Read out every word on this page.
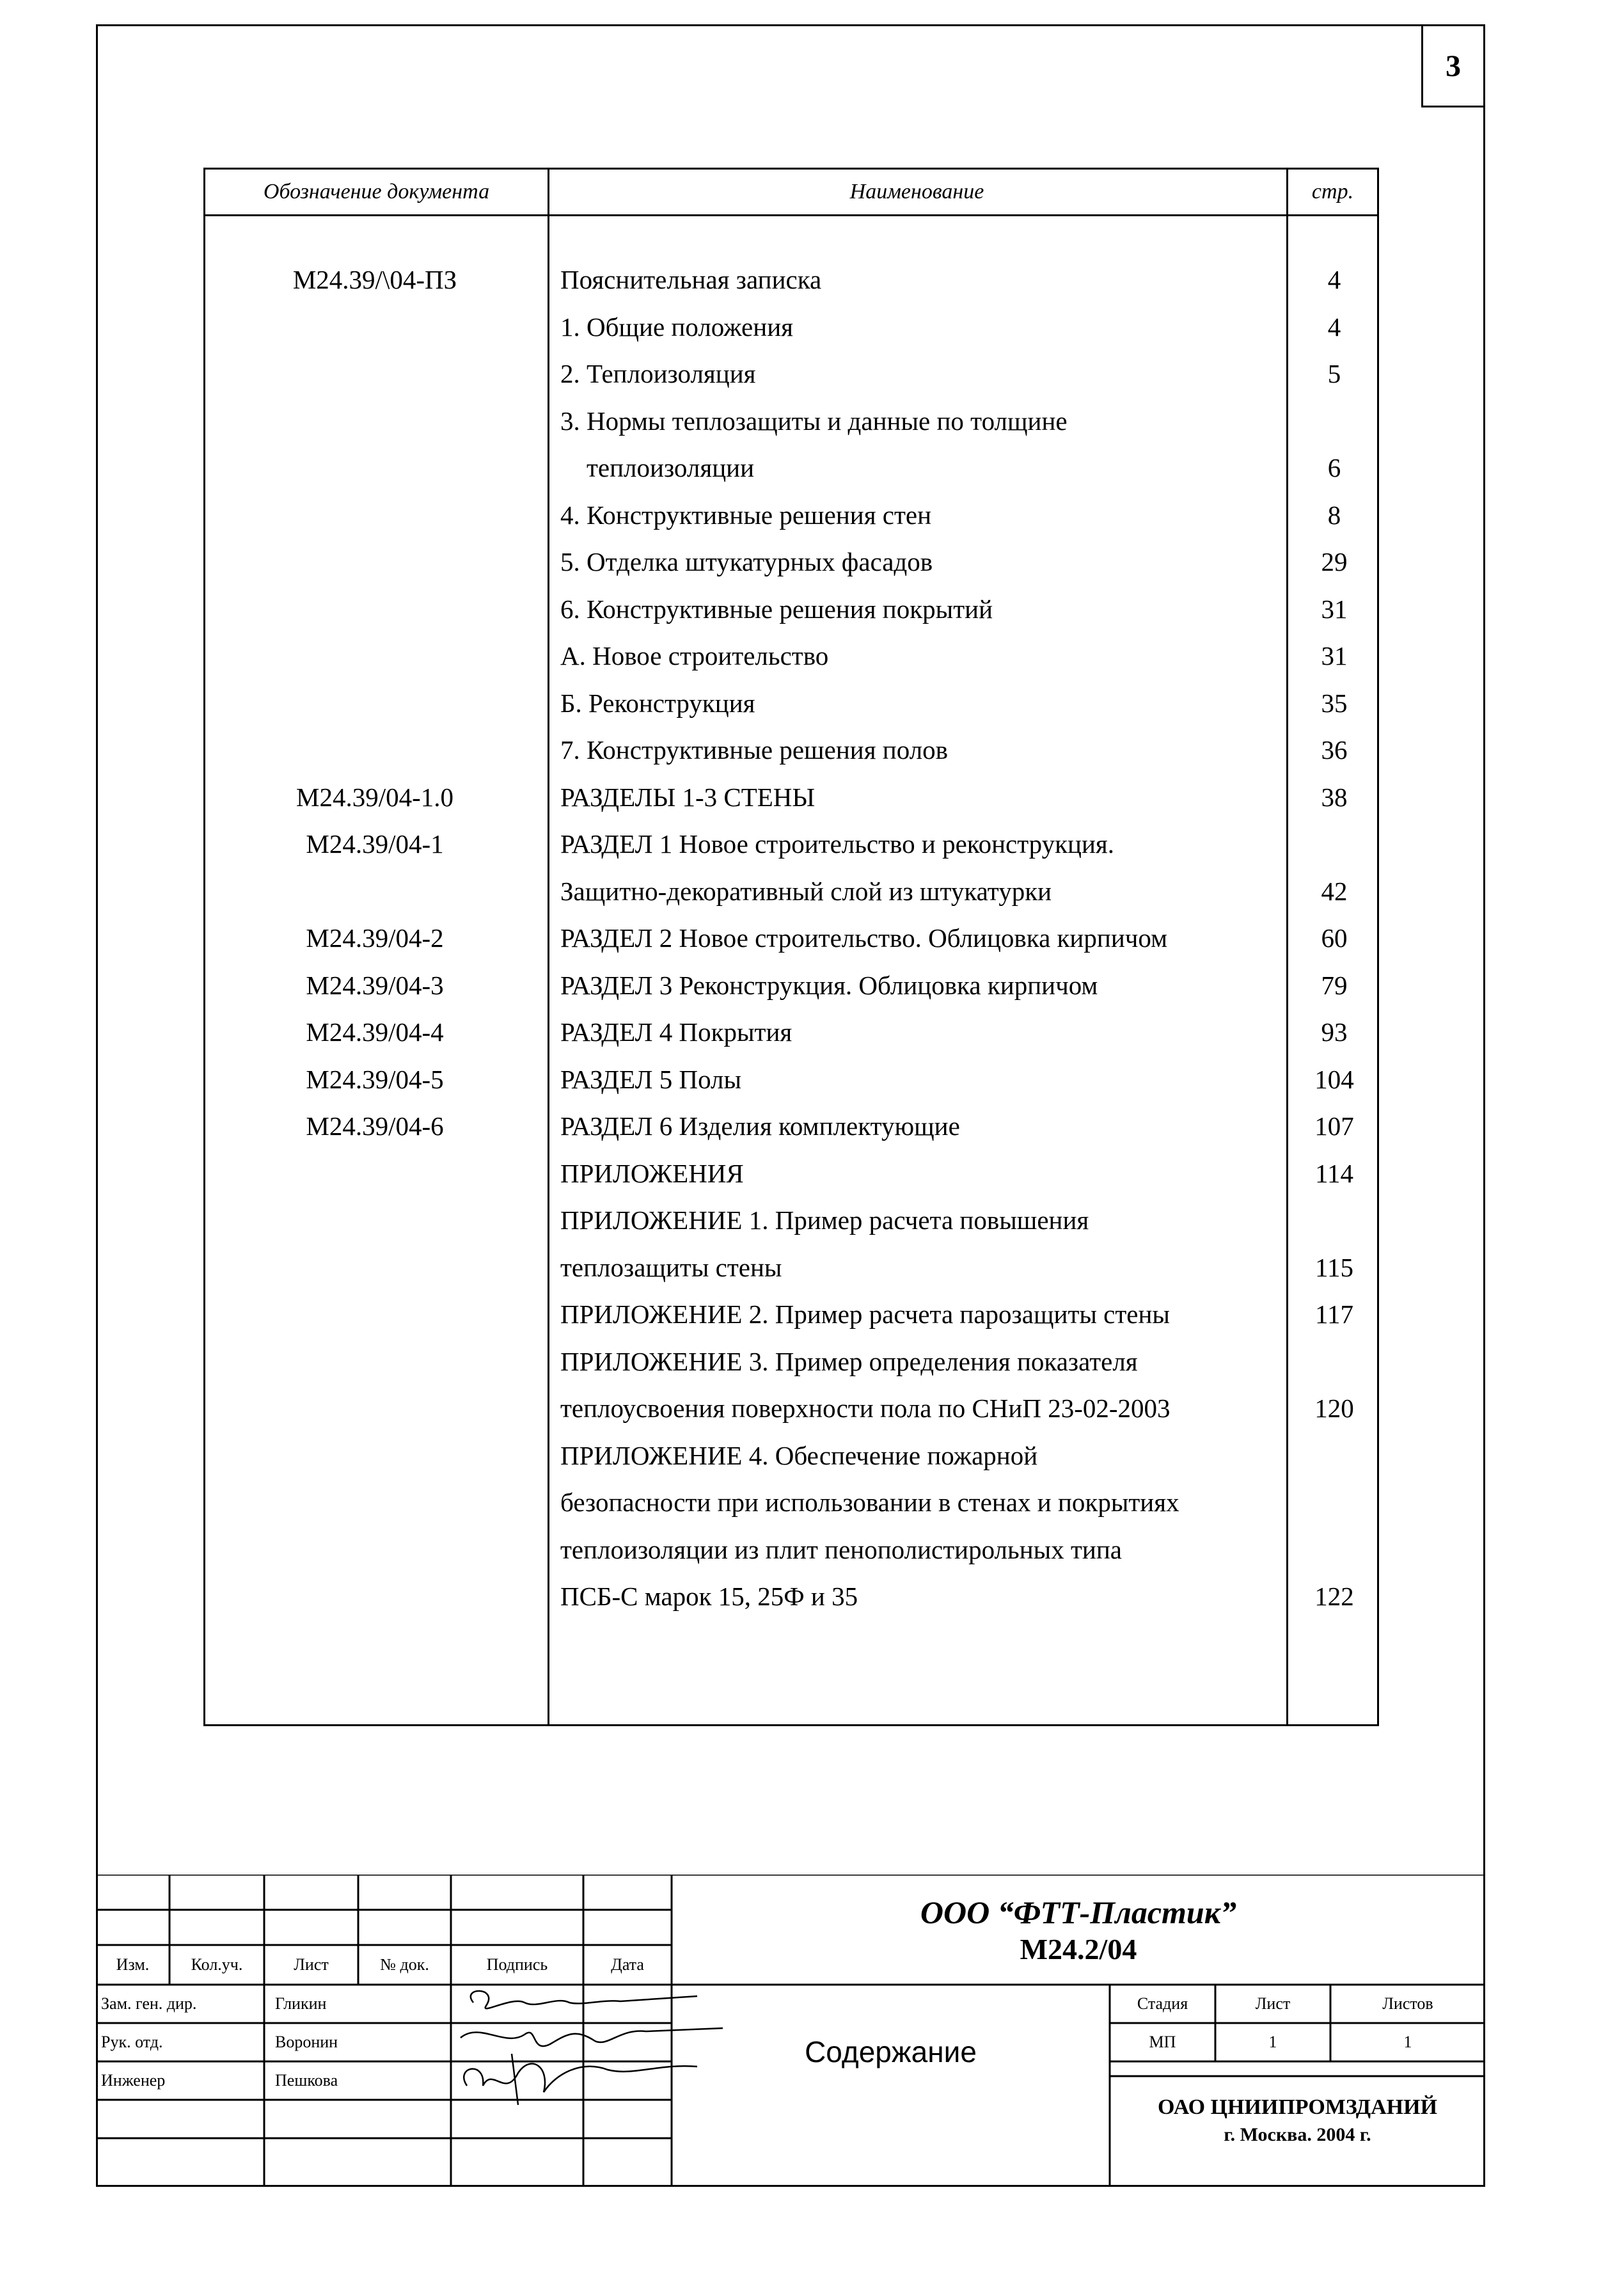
3
Обозначение документа	Наименование	стр.
М24.39/\04-ПЗ	Пояснительная записка	4
1. Общие положения	4
2. Теплоизоляция	5
3. Нормы теплозащиты и данные по толщине
теплоизоляции	6
4. Конструктивные решения стен	8
5. Отделка штукатурных фасадов	29
6. Конструктивные решения покрытий	31
А. Новое строительство	31
Б. Реконструкция	35
7. Конструктивные решения полов	36
М24.39/04-1.0	РАЗДЕЛЫ 1-3 СТЕНЫ	38
М24.39/04-1	РАЗДЕЛ 1 Новое строительство и реконструкция.
Защитно-декоративный слой из штукатурки	42
М24.39/04-2	РАЗДЕЛ 2 Новое строительство. Облицовка кирпичом	60
М24.39/04-3	РАЗДЕЛ 3 Реконструкция. Облицовка кирпичом	79
М24.39/04-4	РАЗДЕЛ 4 Покрытия	93
М24.39/04-5	РАЗДЕЛ 5 Полы	104
М24.39/04-6	РАЗДЕЛ 6 Изделия комплектующие	107
ПРИЛОЖЕНИЯ	114
ПРИЛОЖЕНИЕ 1. Пример расчета повышения
теплозащиты стены	115
ПРИЛОЖЕНИЕ 2. Пример расчета парозащиты стены	117
ПРИЛОЖЕНИЕ 3. Пример определения показателя
теплоусвоения поверхности пола по СНиП 23-02-2003	120
ПРИЛОЖЕНИЕ 4. Обеспечение пожарной
безопасности при использовании в стенах и покрытиях
теплоизоляции из плит пенополистирольных типа
ПСБ-С марок 15, 25Ф и 35	122
ООО “ФТТ-Пластик”
М24.2/04
Изм.	Кол.уч.	Лист	№ док.	Подпись	Дата
Зам. ген. дир.	Гликин
Рук. отд.	Воронин
Инженер	Пешкова
Содержание
Стадия	Лист	Листов
МП	1	1
ОАО ЦНИИПРОМЗДАНИЙ
г. Москва. 2004 г.
